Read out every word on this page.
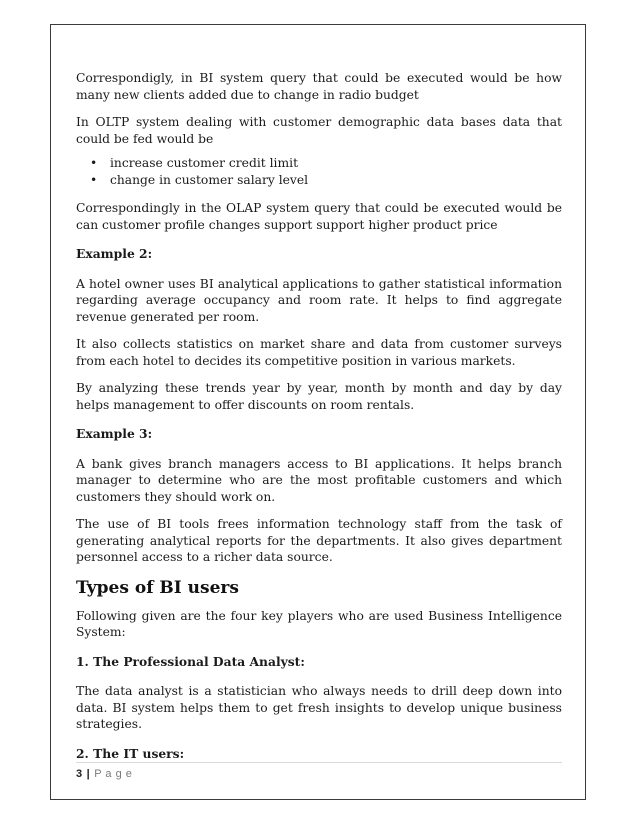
Correspondigly, in BI system query that could be executed would be how many new clients added due to change in radio budget

In OLTP system dealing with customer demographic data bases data that could be fed would be

• increase customer credit limit
• change in customer salary level

Correspondingly in the OLAP system query that could be executed would be can customer profile changes support support higher product price

Example 2:

A hotel owner uses BI analytical applications to gather statistical information regarding average occupancy and room rate. It helps to find aggregate revenue generated per room.

It also collects statistics on market share and data from customer surveys from each hotel to decides its competitive position in various markets.

By analyzing these trends year by year, month by month and day by day helps management to offer discounts on room rentals.

Example 3:

A bank gives branch managers access to BI applications. It helps branch manager to determine who are the most profitable customers and which customers they should work on.

The use of BI tools frees information technology staff from the task of generating analytical reports for the departments. It also gives department personnel access to a richer data source.

Types of BI users

Following given are the four key players who are used Business Intelligence System:

1. The Professional Data Analyst:

The data analyst is a statistician who always needs to drill deep down into data. BI system helps them to get fresh insights to develop unique business strategies.

2. The IT users:
3 | P a g e
